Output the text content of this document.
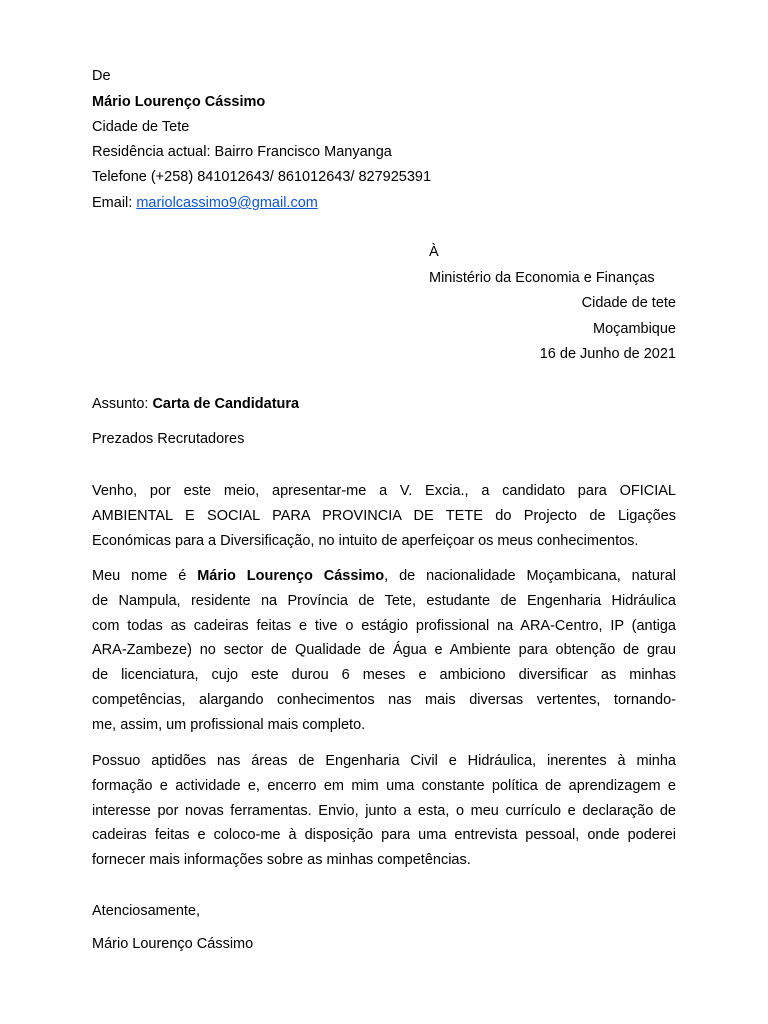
De
Mário Lourenço Cássimo
Cidade de Tete
Residência actual: Bairro Francisco Manyanga
Telefone (+258) 841012643/ 861012643/ 827925391
Email: mariolcassimo9@gmail.com
À
Ministério da Economia e Finanças
Cidade de tete
Moçambique
16 de Junho de 2021
Assunto: Carta de Candidatura
Prezados Recrutadores
Venho, por este meio, apresentar-me a V. Excia., a candidato para OFICIAL
AMBIENTAL E SOCIAL PARA PROVINCIA DE TETE do Projecto de Ligações
Económicas para a Diversificação, no intuito de aperfeiçoar os meus conhecimentos.
Meu nome é Mário Lourenço Cássimo, de nacionalidade Moçambicana, natural
de Nampula, residente na Província de Tete, estudante de Engenharia Hidráulica
com todas as cadeiras feitas e tive o estágio profissional na ARA-Centro, IP (antiga
ARA-Zambeze) no sector de Qualidade de Água e Ambiente para obtenção de grau
de licenciatura, cujo este durou 6 meses e ambiciono diversificar as minhas
competências, alargando conhecimentos nas mais diversas vertentes, tornando-
me, assim, um profissional mais completo.
Possuo aptidões nas áreas de Engenharia Civil e Hidráulica, inerentes à minha
formação e actividade e, encerro em mim uma constante política de aprendizagem e
interesse por novas ferramentas. Envio, junto a esta, o meu currículo e declaração de
cadeiras feitas e coloco-me à disposição para uma entrevista pessoal, onde poderei
fornecer mais informações sobre as minhas competências.
Atenciosamente,
Mário Lourenço Cássimo
